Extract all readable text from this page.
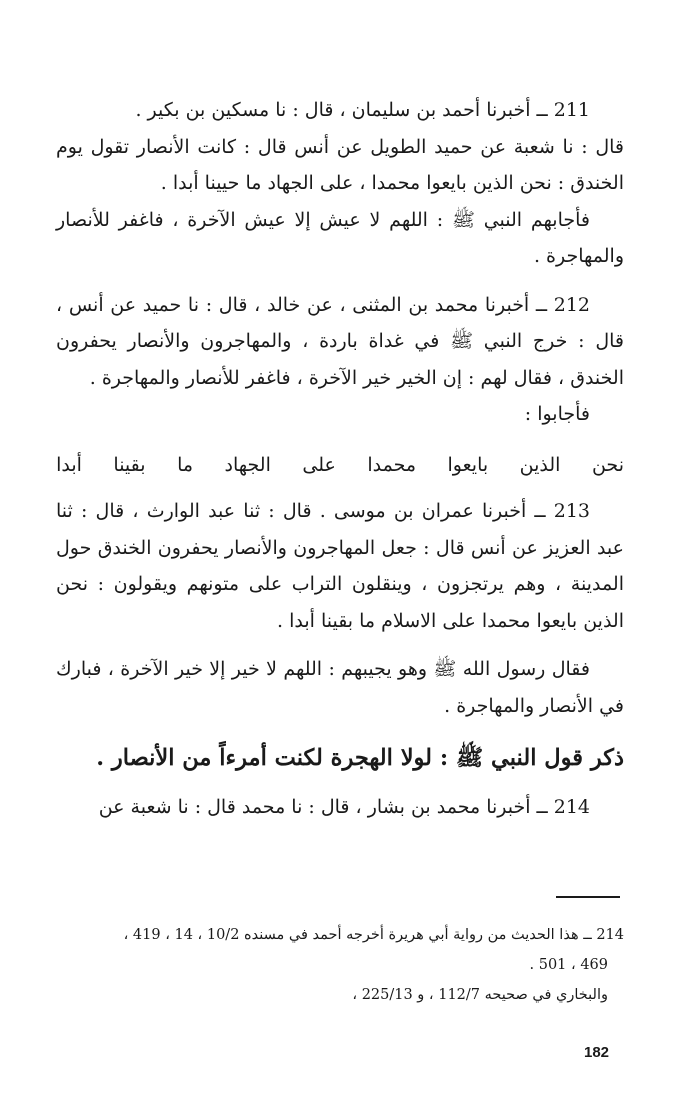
211 ــ أخبرنا أحمد بن سليمان ، قال : نا مسكين بن بكير .

قال : نا شعبة عن حميد الطويل عن أنس قال : كانت الأنصار تقول يوم الخندق : نحن الذين بايعوا محمدا ، على الجهاد ما حيينا أبدا .

فأجابهم النبي ﷺ : اللهم لا عيش إلا عيش الآخرة ، فاغفر للأنصار والمهاجرة .

212 ــ أخبرنا محمد بن المثنى ، عن خالد ، قال : نا حميد عن أنس ، قال : خرج النبي ﷺ في غداة باردة ، والمهاجرون والأنصار يحفرون الخندق ، فقال لهم : إن الخير خير الآخرة ، فاغفر للأنصار والمهاجرة .

فأجابوا :

نحن
الذين
بايعوا
محمدا
على
الجهاد
ما
بقينا
أبدا

213 ــ أخبرنا عمران بن موسى . قال : ثنا عبد الوارث ، قال : ثنا عبد العزيز عن أنس قال : جعل المهاجرون والأنصار يحفرون الخندق حول المدينة ، وهم يرتجزون ، وينقلون التراب على متونهم ويقولون : نحن الذين بايعوا محمدا على الاسلام ما بقينا أبدا .

فقال رسول الله ﷺ وهو يجيبهم : اللهم لا خير إلا خير الآخرة ، فبارك في الأنصار والمهاجرة .

ذكر قول النبي ﷺ : لولا الهجرة لكنت أمرءاً من الأنصار .

214 ــ أخبرنا محمد بن بشار ، قال : نا محمد قال : نا شعبة عن

214 ــ هذا الحديث من رواية أبي هريرة أخرجه أحمد في مسنده 10/2 ، 14 ، 419 ،

469 ، 501 .

والبخاري في صحيحه 112/7 ، و 225/13 ،

182
